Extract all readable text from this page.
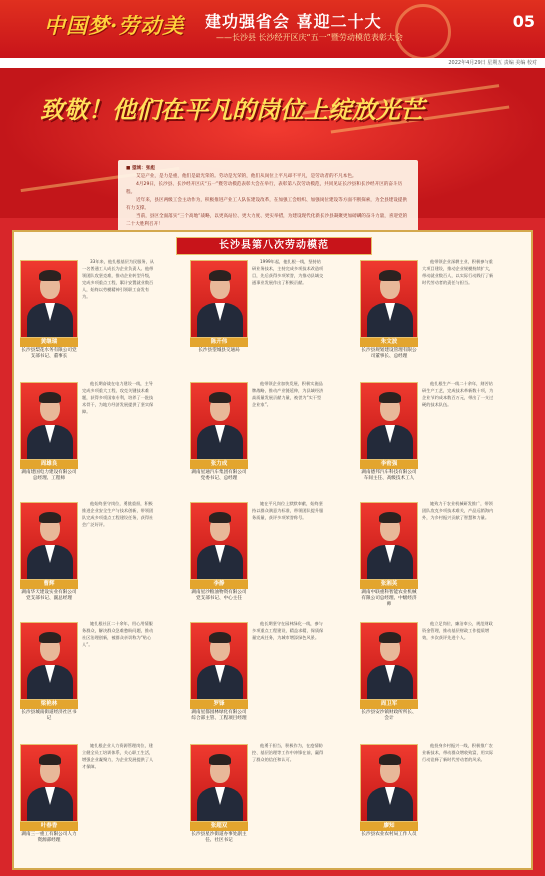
中国梦·劳动美 建功强省会 喜迎二十大
——长沙县 长沙经开区庆“五一”暨劳动模范表彰大会
05
2022年4月29日 星期五 责编 美编 校对
致敬！他们在平凡的岗位上绽放光芒
■ 望城：张彪

艾是产业，是力是重，他们是最光荣的。劳动是光荣的，他们从岗位上平凡却不平凡，是劳动者的不凡本色。

4月29日，长沙县、长沙经开区庆“五一”暨劳动模范表彰大会在举行，表彰第八次劳动模范，共同见证长沙县和长沙经开区的奋斗历程。

近年来，县区两级工会主动作为，积极推进产业工人队伍建设改革，在加强工会组织、加强岗位建设等方面不断探索，为全县建设提供有力支撑。

当前，县区全面落实“三个高地”战略，以更高站位、更大力度、更实举措，为建设现代化新长沙县凝聚更加磅礴的奋斗力量，喜迎党的二十大胜利召开！

长沙县第八次劳动模范
33年来，他扎根基层为民服务，从一名普通工人成长为企业负责人。他带领团队攻坚克难，推动企业转型升级，完成多项重点工程，累计安置就业数百人，始终以劳模精神引领职工奋发有为。
黄继瑞
长沙县梨花水务有限公司党支部书记、董事长
1999年起，他扎根一线，坚持钻研业务技术，主持完成多项技术改造项目，先后获得多项荣誉，为推动县域交通事业发展作出了积极贡献。
陈开伟
长沙县望城县交通局
他带领企业深耕主业，积极参与重大项目建设，推动企业规模持续扩大，带动就业数百人，以实际行动践行了新时代劳动者的责任与担当。
朱文波
长沙县规划建设管理有限公司董事长、总经理
他长期奋战在电力建设一线，主导完成多项重大工程，攻克关键技术难题，获得多项国家专利，培养了一批技术骨干，为地方经济发展提供了坚实保障。
周雄良
湖南建国电力建设有限公司总经理、工程师
他带领企业加快发展，积极实施品牌战略，推动产业链延伸，为县域经济高质量发展贡献力量，被誉为“实干型企业家”。
张力成
湖南星通汽车集团有限公司党委书记、总经理
他扎根生产一线二十余年，刻苦钻研生产工艺，完成技术革新数十项，为企业节约成本数百万元，带出了一支过硬的技术队伍。
李密强
湖南德邦汽车科技有限公司车间主任、高级技术工人
他始终坚守岗位，勇挑重担，积极推进企业安全生产与技术创新，带领团队完成多项重点工程建设任务，获得社会广泛好评。
曹辉
湖南华天建设实业有限公司党支部书记、副总经理
她在平凡岗位上默默奉献，始终坚持以群众满意为标准，带领团队提升服务质量，获评多项荣誉称号。
李静
湖南星沙粮油物资有限公司党支部书记、中心主任
她致力于农业机械研发推广，带领团队攻克多项技术难关，产品远销海内外，为乡村振兴贡献了智慧和力量。
张湘英
湖南中联重科智能农业机械有限公司总经理、中级经济师
她扎根社区二十余年，用心用情服务群众，解决群众急难愁盼问题，推动社区治理创新，被群众亲切称为“贴心人”。
梁艳林
长沙县城南街道经济社区书记
他长期坚守在园林绿化一线，参与多项重点工程建设，精益求精，保质保量完成任务，为城市增添绿色风景。
罗锋
湖南星都园林绿化有限公司综合部主管、工程项目经理
他立足岗位，廉洁奉公，规范财政资金管理，推动基层财政工作提质增效，多次获评先进个人。
周卫军
长沙县安沙镇财政所所长、会计
她扎根企业人力资源管理岗位，建立健全员工培训体系，关心职工生活，增强企业凝聚力，为企业发展提供了人才保障。
叶春香
湖南三一重工有限公司人力资源部经理
他勇于担当，积极作为，在疫情防控、基层治理等工作中冲锋在前，赢得了群众的信任和认可。
张超双
长沙县星沙街道办事处副主任、社区书记
他投身乡村振兴一线，积极推广农业新技术，带动群众增收致富，用实际行动诠释了新时代劳动者的风采。
廖知
长沙县农业农村局工作人员
